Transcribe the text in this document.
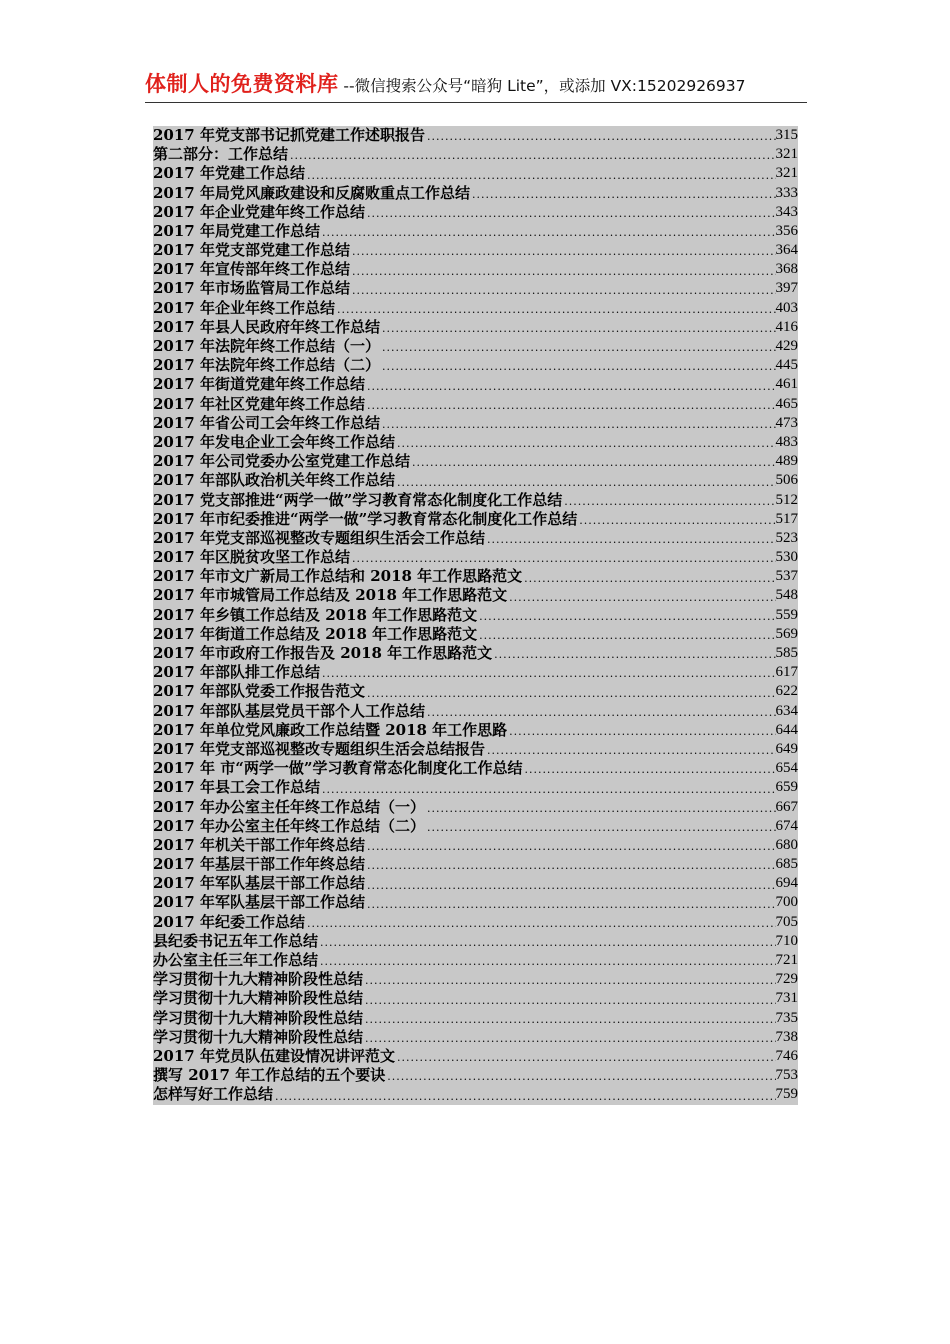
体制人的免费资料库 --微信搜索公众号“暗狗 Lite”，或添加 VX:15202926937
2017 年党支部书记抓党建工作述职报告 .....	315
第二部分：工作总结 .....	321
2017 年党建工作总结 .....	321
2017 年局党风廉政建设和反腐败重点工作总结 .....	333
2017 年企业党建年终工作总结 .....	343
2017 年局党建工作总结 .....	356
2017 年党支部党建工作总结 .....	364
2017 年宣传部年终工作总结 .....	368
2017 年市场监管局工作总结 .....	397
2017 年企业年终工作总结 .....	403
2017 年县人民政府年终工作总结 .....	416
2017 年法院年终工作总结（一） .....	429
2017 年法院年终工作总结（二） .....	445
2017 年街道党建年终工作总结 .....	461
2017 年社区党建年终工作总结 .....	465
2017 年省公司工会年终工作总结 .....	473
2017 年发电企业工会年终工作总结 .....	483
2017 年公司党委办公室党建工作总结 .....	489
2017 年部队政治机关年终工作总结 .....	506
2017 党支部推进“两学一做”学习教育常态化制度化工作总结 .....	512
2017 年市纪委推进“两学一做”学习教育常态化制度化工作总结 .....	517
2017 年党支部巡视整改专题组织生活会工作总结 .....	523
2017 年区脱贫攻坚工作总结 .....	530
2017 年市文广新局工作总结和 2018 年工作思路范文 .....	537
2017 年市城管局工作总结及 2018 年工作思路范文 .....	548
2017 年乡镇工作总结及 2018 年工作思路范文 .....	559
2017 年街道工作总结及 2018 年工作思路范文 .....	569
2017 年市政府工作报告及 2018 年工作思路范文 .....	585
2017 年部队排工作总结 .....	617
2017 年部队党委工作报告范文 .....	622
2017 年部队基层党员干部个人工作总结 .....	634
2017 年单位党风廉政工作总结暨 2018 年工作思路 .....	644
2017 年党支部巡视整改专题组织生活会总结报告 .....	649
2017 年 市“两学一做”学习教育常态化制度化工作总结 .....	654
2017 年县工会工作总结 .....	659
2017 年办公室主任年终工作总结（一） .....	667
2017 年办公室主任年终工作总结（二） .....	674
2017 年机关干部工作年终总结 .....	680
2017 年基层干部工作年终总结 .....	685
2017 年军队基层干部工作总结 .....	694
2017 年军队基层干部工作总结 .....	700
2017 年纪委工作总结 .....	705
县纪委书记五年工作总结 .....	710
办公室主任三年工作总结 .....	721
学习贯彻十九大精神阶段性总结 .....	729
学习贯彻十九大精神阶段性总结 .....	731
学习贯彻十九大精神阶段性总结 .....	735
学习贯彻十九大精神阶段性总结 .....	738
2017 年党员队伍建设情况讲评范文 .....	746
撰写 2017 年工作总结的五个要诀 .....	753
怎样写好工作总结 .....	759
